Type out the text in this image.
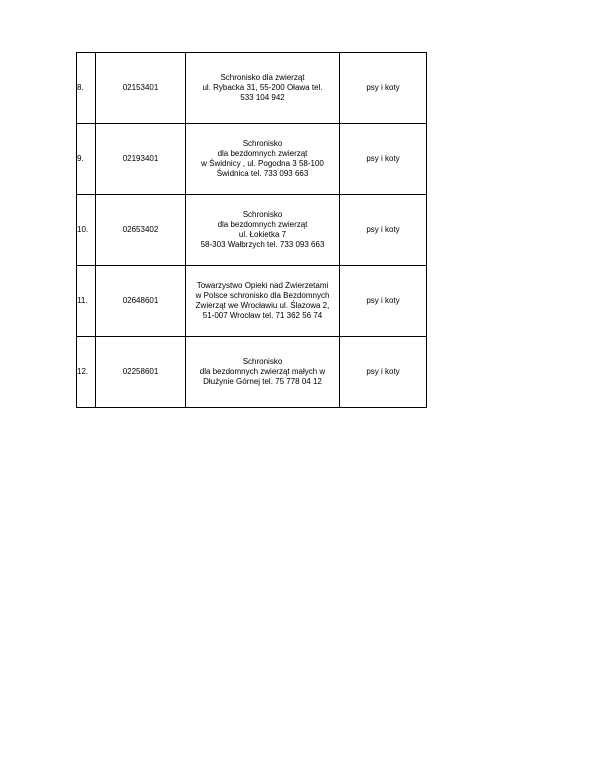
8.	02153401	Schronisko dla zwierząt
ul. Rybacka 31, 55-200 Oława tel.
533 104 942	psy i koty
9.	02193401	Schronisko
dla bezdomnych zwierząt
w Świdnicy , ul. Pogodna 3 58-100
Świdnica tel. 733 093 663	psy i koty
10.	02653402	Schronisko
dla bezdomnych zwierząt
ul. Łokietka 7
58-303 Wałbrzych tel. 733 093 663	psy i koty
11.	02648601	Towarzystwo Opieki nad Zwierzetami
w Polsce schronisko dla Bezdomnych
Zwierząt we Wrocławiu ul. Ślazowa 2,
51-007 Wrocław tel. 71 362 56 74	psy i koty
12.	02258601	Schronisko
dla bezdomnych zwierząt małych w
Dłużynie Górnej tel. 75 778 04 12	psy i koty
